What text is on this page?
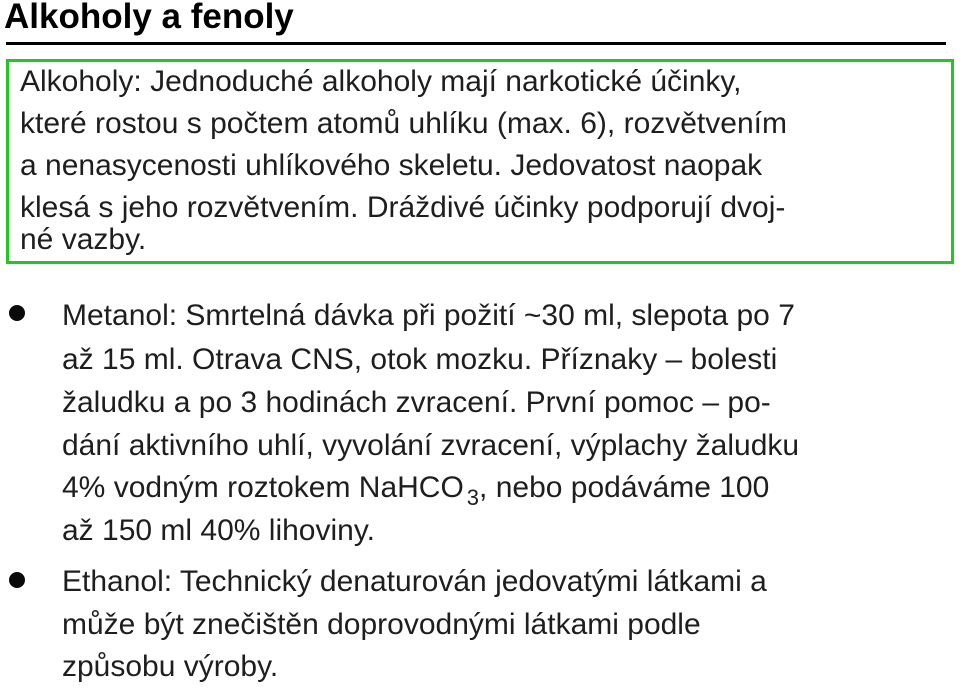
Alkoholy a fenoly
Alkoholy: Jednoduché alkoholy mají narkotické účinky,
které rostou s počtem atomů uhlíku (max. 6), rozvětvením
a nenasycenosti uhlíkového skeletu. Jedovatost naopak
klesá s jeho rozvětvením. Dráždivé účinky podporují dvoj-
né vazby.
Metanol: Smrtelná dávka při požití ~30 ml, slepota po 7
až 15 ml. Otrava CNS, otok mozku. Příznaky – bolesti
žaludku a po 3 hodinách zvracení. První pomoc – po-
dání aktivního uhlí, vyvolání zvracení, výplachy žaludku
4% vodným roztokem NaHCO $_3$, nebo podáváme 100
až 150 ml 40% lihoviny.
Ethanol: Technický denaturován jedovatými látkami a
může být znečištěn doprovodnými látkami podle
způsobu výroby.
